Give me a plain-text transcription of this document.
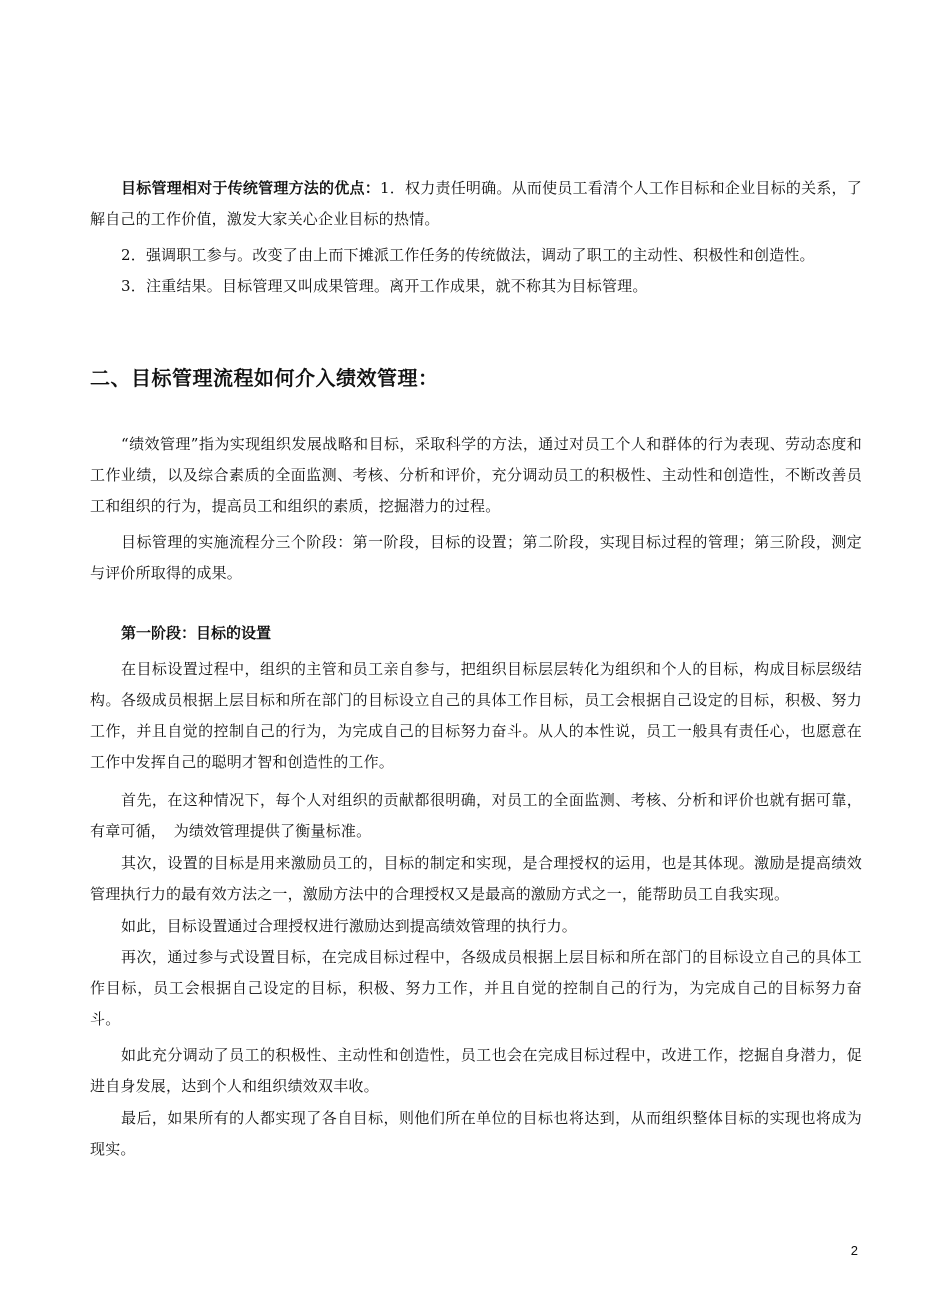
目标管理相对于传统管理方法的优点：1．权力责任明确。从而使员工看清个人工作目标和企业目标的关系，了解自己的工作价值，激发大家关心企业目标的热情。

2．强调职工参与。改变了由上而下摊派工作任务的传统做法，调动了职工的主动性、积极性和创造性。

3．注重结果。目标管理又叫成果管理。离开工作成果，就不称其为目标管理。

二、目标管理流程如何介入绩效管理：

“绩效管理”指为实现组织发展战略和目标，采取科学的方法，通过对员工个人和群体的行为表现、劳动态度和工作业绩，以及综合素质的全面监测、考核、分析和评价，充分调动员工的积极性、主动性和创造性，不断改善员工和组织的行为，提高员工和组织的素质，挖掘潜力的过程。

目标管理的实施流程分三个阶段：第一阶段，目标的设置；第二阶段，实现目标过程的管理；第三阶段，测定与评价所取得的成果。

第一阶段：目标的设置

在目标设置过程中，组织的主管和员工亲自参与，把组织目标层层转化为组织和个人的目标，构成目标层级结构。各级成员根据上层目标和所在部门的目标设立自己的具体工作目标，员工会根据自己设定的目标，积极、努力工作，并且自觉的控制自己的行为，为完成自己的目标努力奋斗。从人的本性说，员工一般具有责任心，也愿意在工作中发挥自己的聪明才智和创造性的工作。

首先，在这种情况下，每个人对组织的贡献都很明确，对员工的全面监测、考核、分析和评价也就有据可靠，有章可循，　为绩效管理提供了衡量标准。

其次，设置的目标是用来激励员工的，目标的制定和实现，是合理授权的运用，也是其体现。激励是提高绩效管理执行力的最有效方法之一，激励方法中的合理授权又是最高的激励方式之一，能帮助员工自我实现。

如此，目标设置通过合理授权进行激励达到提高绩效管理的执行力。

再次，通过参与式设置目标，在完成目标过程中，各级成员根据上层目标和所在部门的目标设立自己的具体工作目标，员工会根据自己设定的目标，积极、努力工作，并且自觉的控制自己的行为，为完成自己的目标努力奋斗。

如此充分调动了员工的积极性、主动性和创造性，员工也会在完成目标过程中，改进工作，挖掘自身潜力，促进自身发展，达到个人和组织绩效双丰收。

最后，如果所有的人都实现了各自目标，则他们所在单位的目标也将达到，从而组织整体目标的实现也将成为现实。

2
